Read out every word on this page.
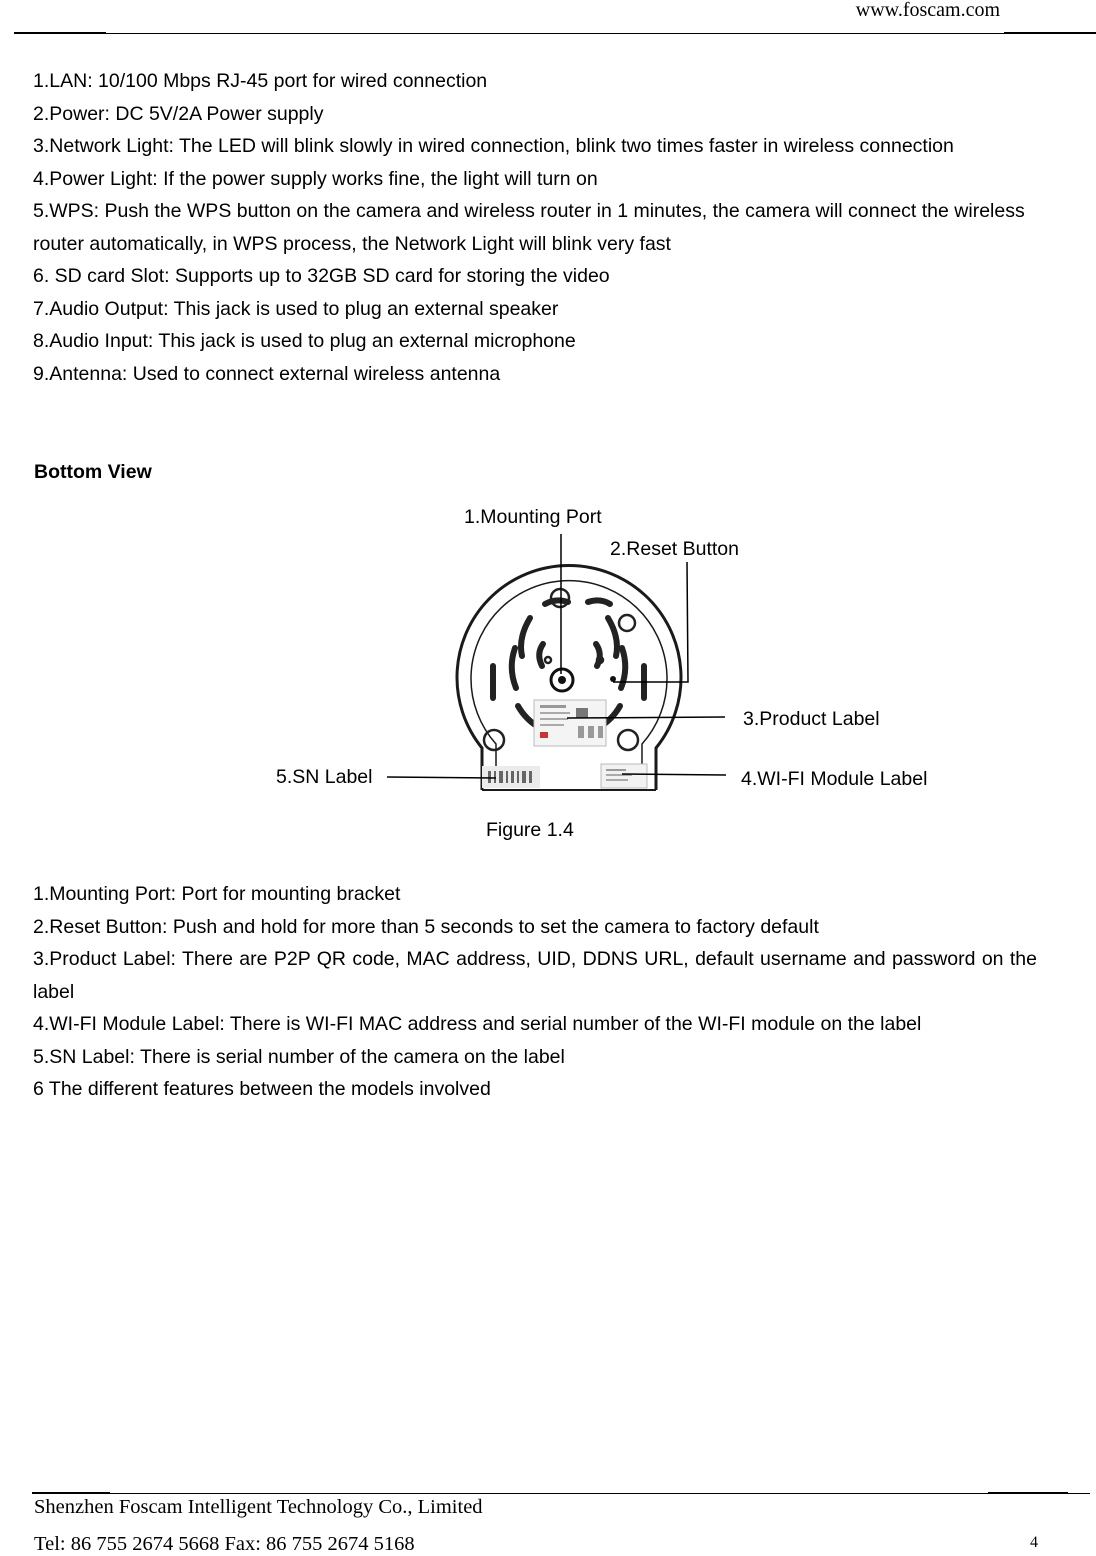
www.foscam.com

1.LAN: 10/100 Mbps RJ-45 port for wired connection

2.Power: DC 5V/2A Power supply

3.Network Light: The LED will blink slowly in wired connection, blink two times faster in wireless connection

4.Power Light: If the power supply works fine, the light will turn on

5.WPS: Push the WPS button on the camera and wireless router in 1 minutes, the camera will connect the wireless router automatically, in WPS process, the Network Light will blink very fast

6. SD card Slot: Supports up to 32GB SD card for storing the video

7.Audio Output: This jack is used to plug an external speaker

8.Audio Input: This jack is used to plug an external microphone

9.Antenna: Used to connect external wireless antenna

Bottom View
1.Mounting Port
2.Reset Button
3.Product Label
4.WI-FI Module Label
5.SN Label
Figure 1.4

1.Mounting Port: Port for mounting bracket

2.Reset Button: Push and hold for more than 5 seconds to set the camera to factory default

3.Product Label: There are P2P QR code, MAC address, UID, DDNS URL, default username and password on the label

4.WI-FI Module Label: There is WI-FI MAC address and serial number of the WI-FI module on the label

5.SN Label: There is serial number of the camera on the label

6 The different features between the models involved

Shenzhen Foscam Intelligent Technology Co., Limited
Tel: 86 755 2674 5668 Fax: 86 755 2674 5168	4
